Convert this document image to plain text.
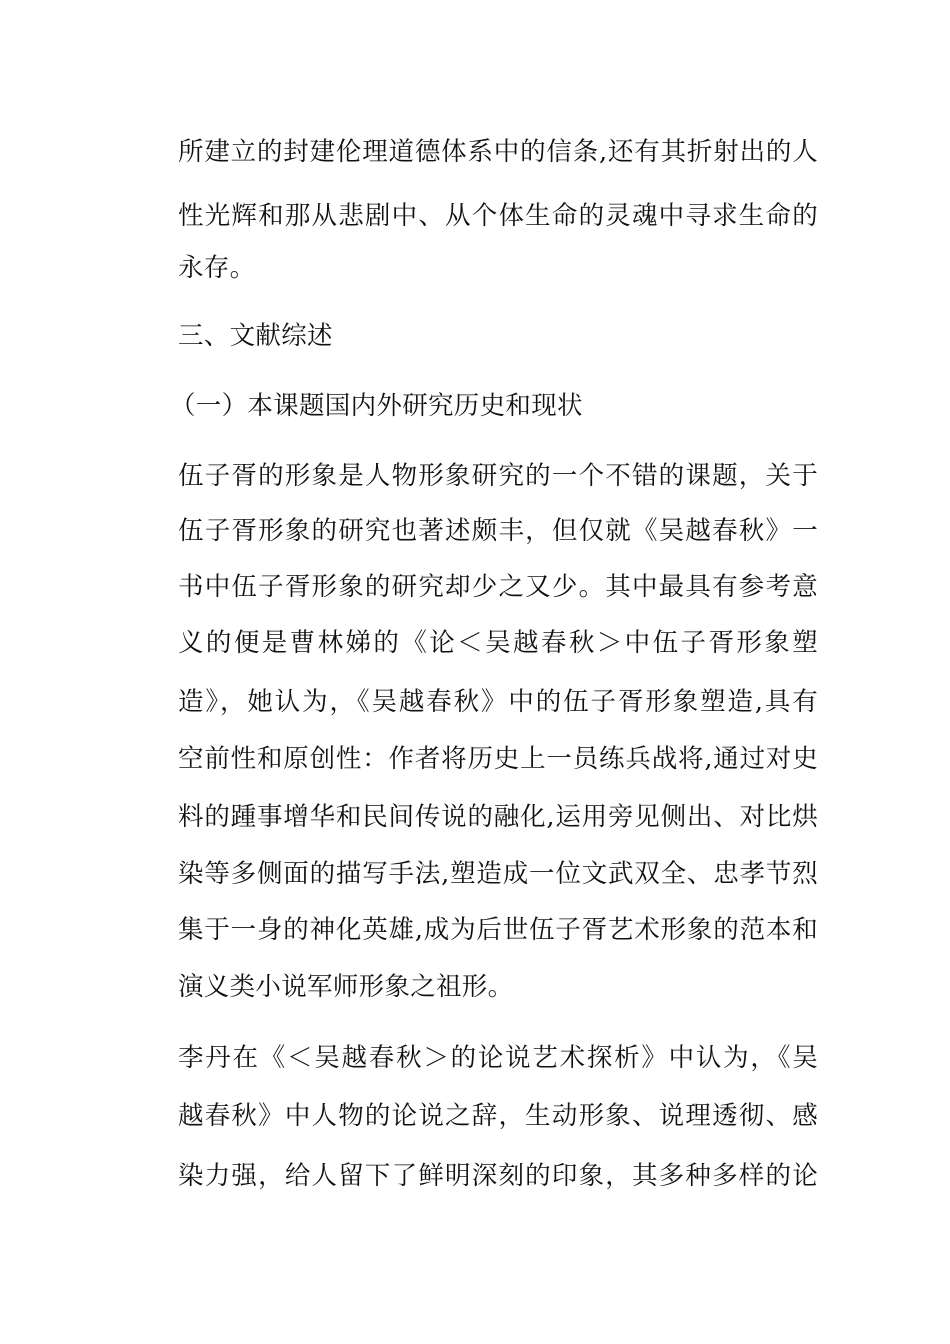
所建立的封建伦理道德体系中的信条,还有其折射出的人
性光辉和那从悲剧中、从个体生命的灵魂中寻求生命的
永存。
三、文献综述
（一）本课题国内外研究历史和现状
伍子胥的形象是人物形象研究的一个不错的课题，关于
伍子胥形象的研究也著述颇丰，但仅就《吴越春秋》一
书中伍子胥形象的研究却少之又少。其中最具有参考意
义的便是曹林娣的《论＜吴越春秋＞中伍子胥形象塑
造》，她认为，《吴越春秋》中的伍子胥形象塑造,具有
空前性和原创性：作者将历史上一员练兵战将,通过对史
料的踵事增华和民间传说的融化,运用旁见侧出、对比烘
染等多侧面的描写手法,塑造成一位文武双全、忠孝节烈
集于一身的神化英雄,成为后世伍子胥艺术形象的范本和
演义类小说军师形象之祖形。
李丹在《＜吴越春秋＞的论说艺术探析》中认为，《吴
越春秋》中人物的论说之辞，生动形象、说理透彻、感
染力强，给人留下了鲜明深刻的印象，其多种多样的论
